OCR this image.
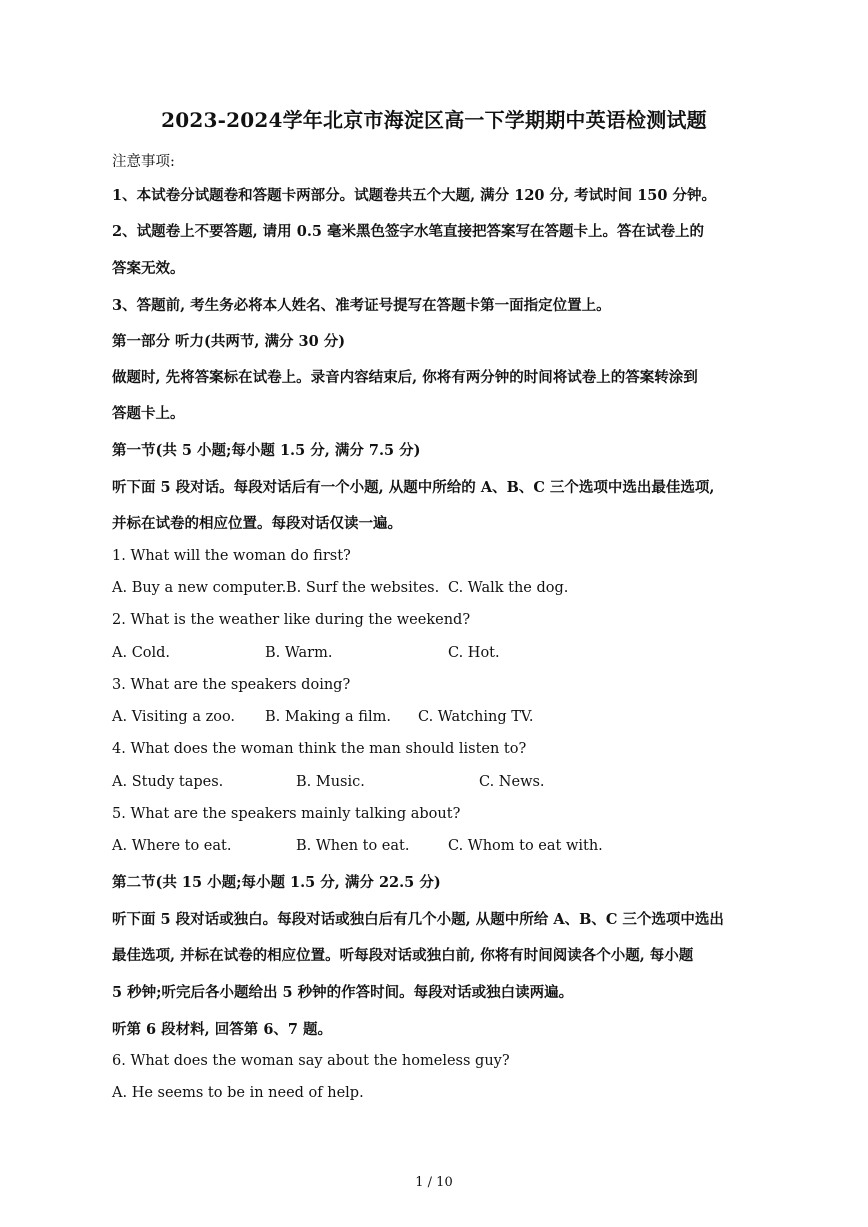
2023-2024学年北京市海淀区高一下学期期中英语检测试题
注意事项:
1、本试卷分试题卷和答题卡两部分。试题卷共五个大题, 满分 120 分, 考试时间 150 分钟。
2、试题卷上不要答题, 请用 0.5 毫米黑色签字水笔直接把答案写在答题卡上。答在试卷上的
答案无效。
3、答题前, 考生务必将本人姓名、准考证号提写在答题卡第一面指定位置上。
第一部分 听力(共两节, 满分 30 分)
做题时, 先将答案标在试卷上。录音内容结束后, 你将有两分钟的时间将试卷上的答案转涂到
答题卡上。
第一节(共 5 小题;每小题 1.5 分, 满分 7.5 分)
听下面 5 段对话。每段对话后有一个小题, 从题中所给的 A、B、C 三个选项中选出最佳选项,
并标在试卷的相应位置。每段对话仅读一遍。
1. What will the woman do first?
A. Buy a new computer. B. Surf the websites. C. Walk the dog.
2. What is the weather like during the weekend?
A. Cold.	B. Warm.	C. Hot.
3. What are the speakers doing?
A. Visiting a zoo. B. Making a film. C. Watching TV.
4. What does the woman think the man should listen to?
A. Study tapes.	B. Music.	C. News.
5. What are the speakers mainly talking about?
A. Where to eat.	B. When to eat.	C. Whom to eat with.
第二节(共 15 小题;每小题 1.5 分, 满分 22.5 分)
听下面 5 段对话或独白。每段对话或独白后有几个小题, 从题中所给 A、B、C 三个选项中选出
最佳选项, 并标在试卷的相应位置。听每段对话或独白前, 你将有时间阅读各个小题, 每小题
5 秒钟;听完后各小题给出 5 秒钟的作答时间。每段对话或独白读两遍。
听第 6 段材料, 回答第 6、7 题。
6. What does the woman say about the homeless guy?
A. He seems to be in need of help.
1 / 10
